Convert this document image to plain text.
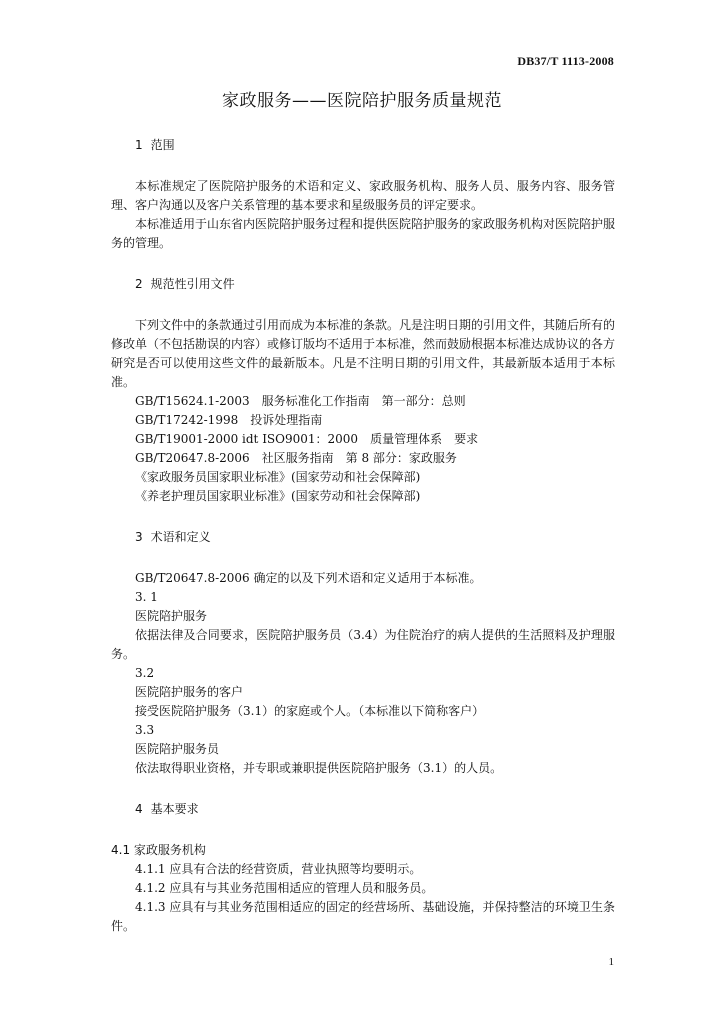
DB37/T 1113-2008
家政服务——医院陪护服务质量规范

1 范围

本标准规定了医院陪护服务的术语和定义、家政服务机构、服务人员、服务内容、服务管理、客户沟通以及客户关系管理的基本要求和星级服务员的评定要求。

本标准适用于山东省内医院陪护服务过程和提供医院陪护服务的家政服务机构对医院陪护服务的管理。

2 规范性引用文件

下列文件中的条款通过引用而成为本标准的条款。凡是注明日期的引用文件，其随后所有的修改单（不包括勘误的内容）或修订版均不适用于本标准，然而鼓励根据本标准达成协议的各方研究是否可以使用这些文件的最新版本。凡是不注明日期的引用文件，其最新版本适用于本标准。

GB/T15624.1-2003　服务标准化工作指南　第一部分：总则

GB/T17242-1998　投诉处理指南

GB/T19001-2000 idt ISO9001：2000　质量管理体系　要求

GB/T20647.8-2006　社区服务指南　第 8 部分：家政服务

《家政服务员国家职业标准》(国家劳动和社会保障部)

《养老护理员国家职业标准》(国家劳动和社会保障部)

3 术语和定义

GB/T20647.8-2006 确定的以及下列术语和定义适用于本标准。

3. 1

医院陪护服务

依据法律及合同要求，医院陪护服务员（3.4）为住院治疗的病人提供的生活照料及护理服务。

3.2

医院陪护服务的客户

接受医院陪护服务（3.1）的家庭或个人。（本标准以下简称客户）

3.3

医院陪护服务员

依法取得职业资格，并专职或兼职提供医院陪护服务（3.1）的人员。

4 基本要求

4.1 家政服务机构

4.1.1 应具有合法的经营资质，营业执照等均要明示。

4.1.2 应具有与其业务范围相适应的管理人员和服务员。

4.1.3 应具有与其业务范围相适应的固定的经营场所、基础设施，并保持整洁的环境卫生条件。

1
